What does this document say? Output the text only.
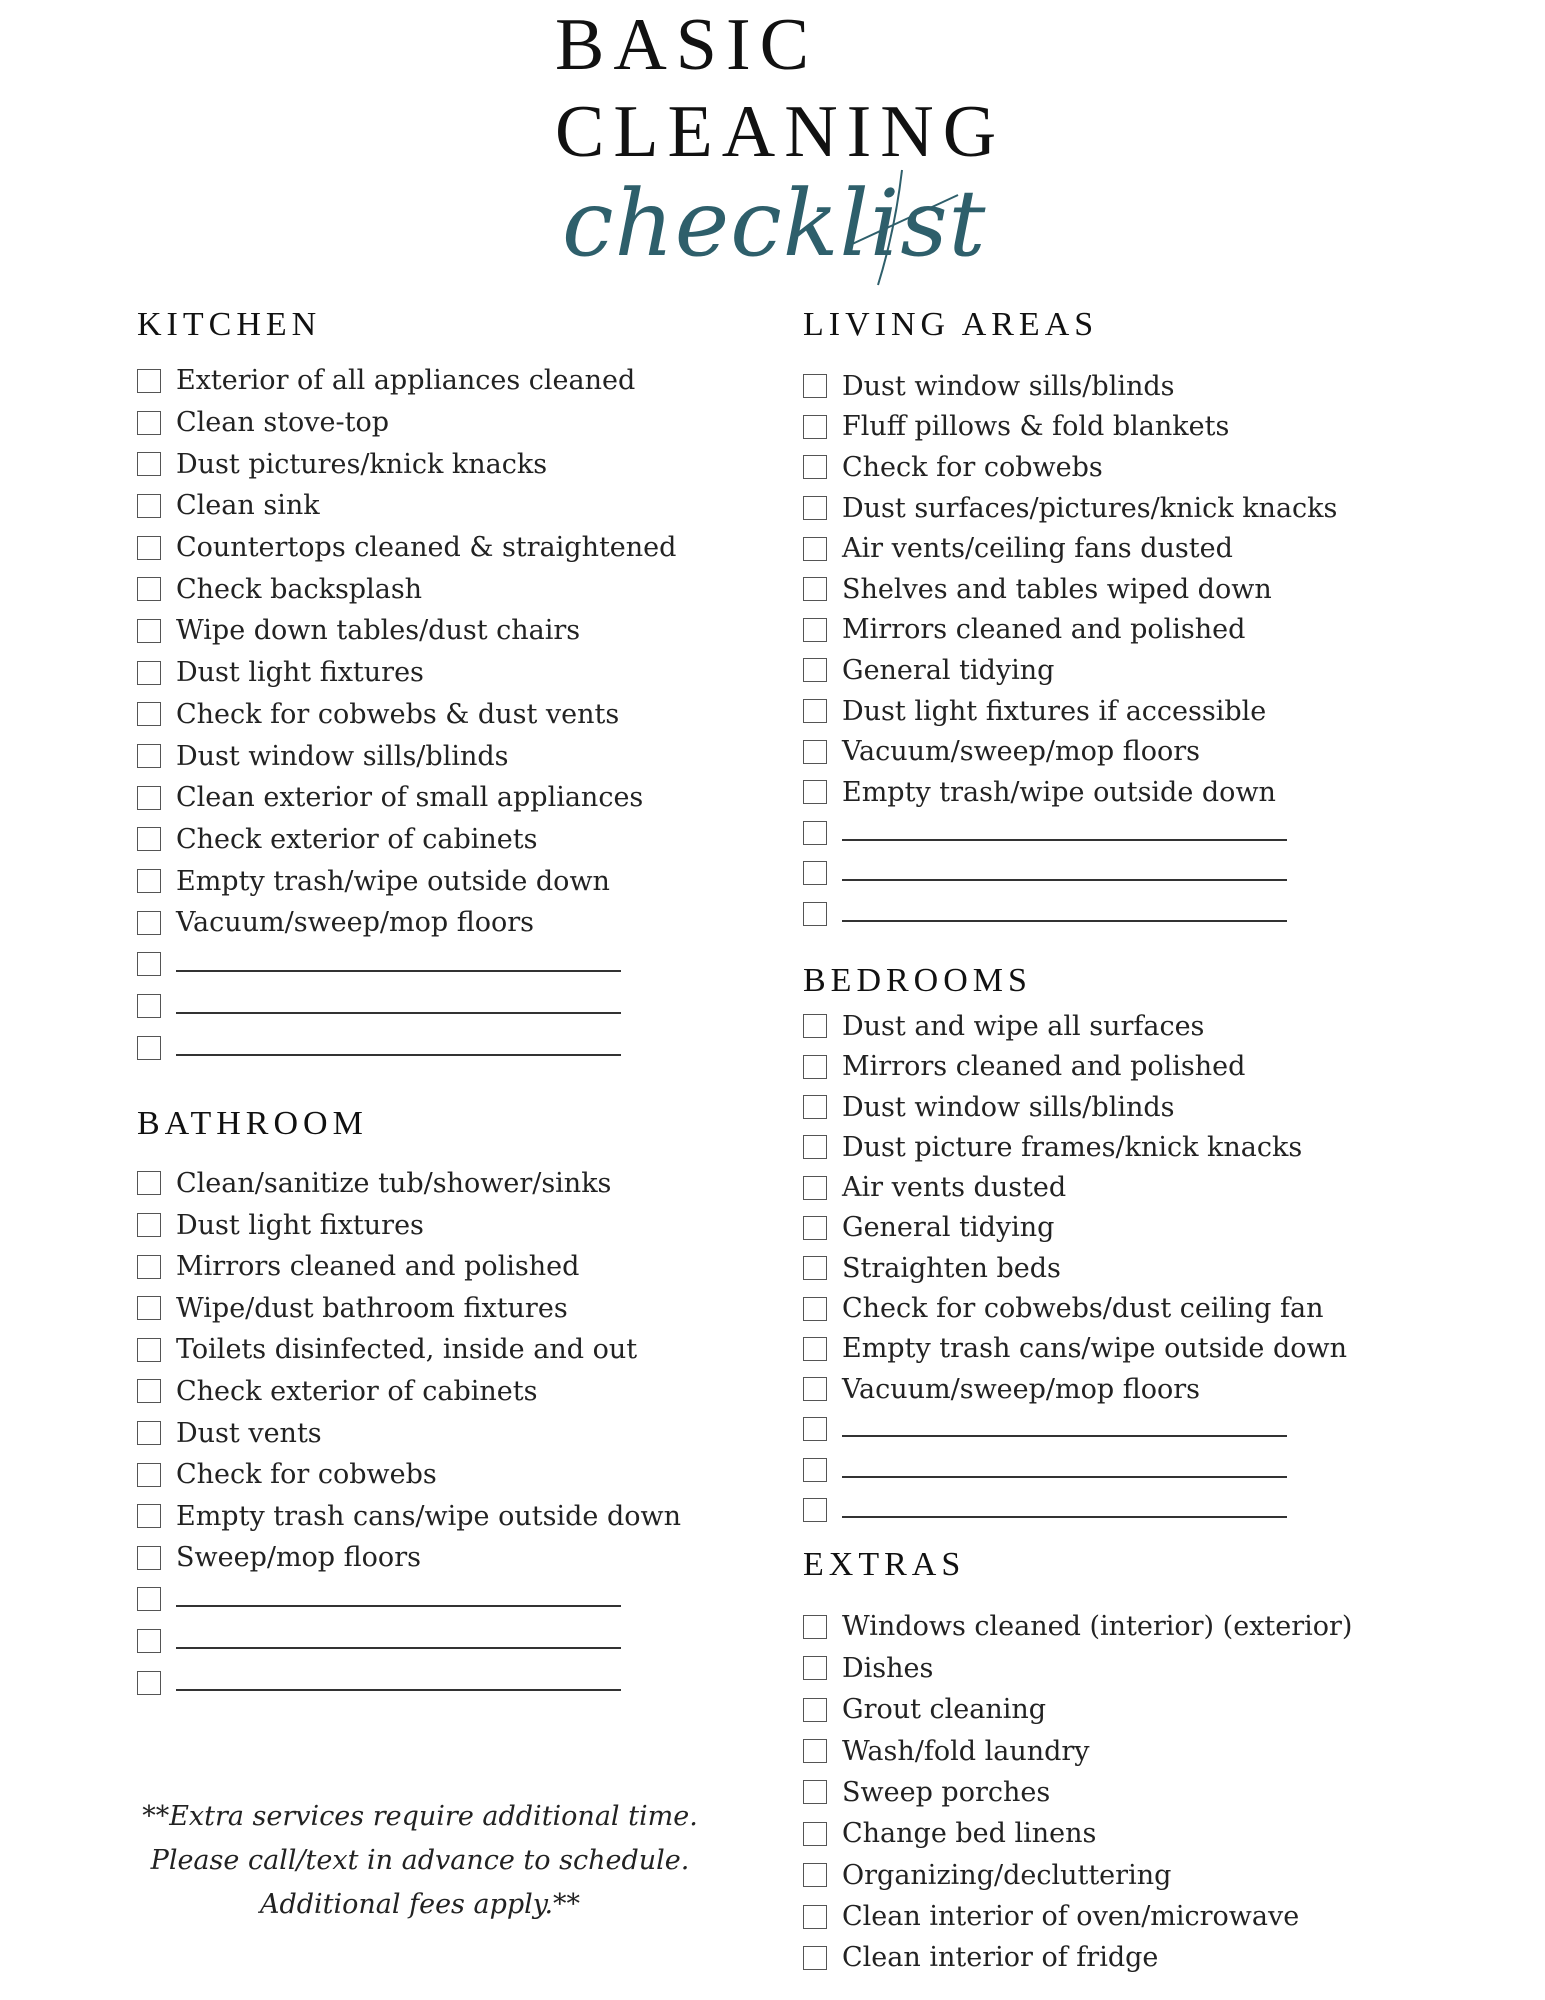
BASIC
CLEANING
checklist
KITCHEN
Exterior of all appliances cleaned
Clean stove-top
Dust pictures/knick knacks
Clean sink
Countertops cleaned & straightened
Check backsplash
Wipe down tables/dust chairs
Dust light fixtures
Check for cobwebs & dust vents
Dust window sills/blinds
Clean exterior of small appliances
Check exterior of cabinets
Empty trash/wipe outside down
Vacuum/sweep/mop floors
BATHROOM
Clean/sanitize tub/shower/sinks
Dust light fixtures
Mirrors cleaned and polished
Wipe/dust bathroom fixtures
Toilets disinfected, inside and out
Check exterior of cabinets
Dust vents
Check for cobwebs
Empty trash cans/wipe outside down
Sweep/mop floors
LIVING AREAS
Dust window sills/blinds
Fluff pillows & fold blankets
Check for cobwebs
Dust surfaces/pictures/knick knacks
Air vents/ceiling fans dusted
Shelves and tables wiped down
Mirrors cleaned and polished
General tidying
Dust light fixtures if accessible
Vacuum/sweep/mop floors
Empty trash/wipe outside down
BEDROOMS
Dust and wipe all surfaces
Mirrors cleaned and polished
Dust window sills/blinds
Dust picture frames/knick knacks
Air vents dusted
General tidying
Straighten beds
Check for cobwebs/dust ceiling fan
Empty trash cans/wipe outside down
Vacuum/sweep/mop floors
EXTRAS
Windows cleaned (interior) (exterior)
Dishes
Grout cleaning
Wash/fold laundry
Sweep porches
Change bed linens
Organizing/decluttering
Clean interior of oven/microwave
Clean interior of fridge
**Extra services require additional time.
Please call/text in advance to schedule.
Additional fees apply.**
